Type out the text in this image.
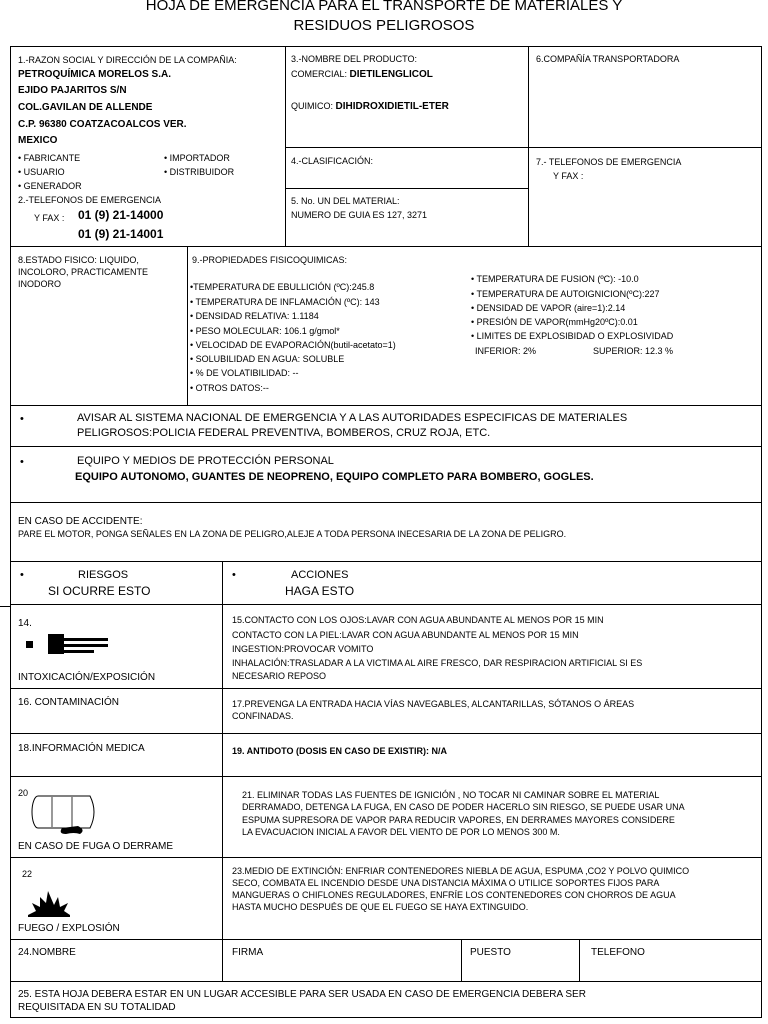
HOJA DE EMERGENCIA PARA EL TRANSPORTE DE MATERIALES Y
RESIDUOS PELIGROSOS
1.-RAZON SOCIAL Y DIRECCIÓN DE LA COMPAÑIA:
PETROQUÍMICA MORELOS S.A.
EJIDO PAJARITOS S/N
COL.GAVILAN DE ALLENDE
C.P. 96380 COATZACOALCOS VER.
MEXICO
• FABRICANTE	• IMPORTADOR
• USUARIO	• DISTRIBUIDOR
• GENERADOR
2.-TELEFONOS DE EMERGENCIA
Y FAX : 01 (9) 21-14000
01 (9) 21-14001
3.-NOMBRE DEL PRODUCTO:
COMERCIAL: DIETILENGLICOL
QUIMICO: DIHIDROXIDIETIL-ETER
4.-CLASIFICACIÓN:
5. No. UN DEL MATERIAL:
NUMERO DE GUIA ES 127, 3271
6.COMPAÑÍA TRANSPORTADORA
7.- TELEFONOS DE EMERGENCIA
Y FAX :
8.ESTADO FISICO: LIQUIDO,
INCOLORO, PRACTICAMENTE
INODORO
9.-PROPIEDADES FISICOQUIMICAS:
•TEMPERATURA DE EBULLICIÓN (ºC):245.8
• TEMPERATURA DE INFLAMACIÓN (ºC): 143
• DENSIDAD RELATIVA: 1.1184
• PESO MOLECULAR: 106.1 g/gmol*
• VELOCIDAD DE EVAPORACIÓN(butil-acetato=1)
• SOLUBILIDAD EN AGUA: SOLUBLE
• % DE VOLATIBILIDAD: --
• OTROS DATOS:--
• TEMPERATURA DE FUSION (ºC): -10.0
• TEMPERATURA DE AUTOIGNICION(ºC):227
• DENSIDAD DE VAPOR (aire=1):2.14
• PRESIÓN DE VAPOR(mmHg20ºC):0.01
• LIMITES DE EXPLOSIBIDAD O EXPLOSIVIDAD
INFERIOR: 2%	SUPERIOR: 12.3 %
•	AVISAR AL SISTEMA NACIONAL DE EMERGENCIA Y A LAS AUTORIDADES ESPECIFICAS DE MATERIALES
PELIGROSOS:POLICIA FEDERAL PREVENTIVA, BOMBEROS, CRUZ ROJA, ETC.
•	EQUIPO Y MEDIOS DE PROTECCIÓN PERSONAL
EQUIPO AUTONOMO, GUANTES DE NEOPRENO, EQUIPO COMPLETO PARA BOMBERO, GOGLES.
EN CASO DE ACCIDENTE:
PARE EL MOTOR, PONGA SEÑALES EN LA ZONA DE PELIGRO,ALEJE A TODA PERSONA INECESARIA DE LA ZONA DE PELIGRO.
•	RIESGOS
SI OCURRE ESTO
•	ACCIONES
HAGA ESTO
14.
INTOXICACIÓN/EXPOSICIÓN
15.CONTACTO CON LOS OJOS:LAVAR CON AGUA ABUNDANTE AL MENOS POR 15 MIN
CONTACTO CON LA PIEL:LAVAR CON AGUA ABUNDANTE AL MENOS POR 15 MIN
INGESTION:PROVOCAR VOMITO
INHALACIÓN:TRASLADAR A LA VICTIMA AL AIRE FRESCO, DAR RESPIRACION ARTIFICIAL SI ES
NECESARIO REPOSO
16. CONTAMINACIÓN	17.PREVENGA LA ENTRADA HACIA VÍAS NAVEGABLES, ALCANTARILLAS, SÓTANOS O ÁREAS
CONFINADAS.
18.INFORMACIÓN MEDICA	19. ANTIDOTO (DOSIS EN CASO DE EXISTIR): N/A
20
EN CASO DE FUGA O DERRAME
21. ELIMINAR TODAS LAS FUENTES DE IGNICIÓN , NO TOCAR NI CAMINAR SOBRE EL MATERIAL
DERRAMADO, DETENGA LA FUGA, EN CASO DE PODER HACERLO SIN RIESGO, SE PUEDE USAR UNA
ESPUMA SUPRESORA DE VAPOR PARA REDUCIR VAPORES, EN DERRAMES MAYORES CONSIDERE
LA EVACUACION INICIAL A FAVOR DEL VIENTO DE POR LO MENOS 300 M.
22
FUEGO / EXPLOSIÓN
23.MEDIO DE EXTINCIÓN: ENFRIAR CONTENEDORES NIEBLA DE AGUA, ESPUMA ,CO2 Y POLVO QUIMICO
SECO, COMBATA EL INCENDIO DESDE UNA DISTANCIA MÁXIMA O UTILICE SOPORTES FIJOS PARA
MANGUERAS O CHIFLONES REGULADORES, ENFRÍE LOS CONTENEDORES CON CHORROS DE AGUA
HASTA MUCHO DESPUÉS DE QUE EL FUEGO SE HAYA EXTINGUIDO.
24.NOMBRE	FIRMA	PUESTO	TELEFONO
25. ESTA HOJA DEBERA ESTAR EN UN LUGAR ACCESIBLE PARA SER USADA EN CASO DE EMERGENCIA DEBERA SER
REQUISITADA EN SU TOTALIDAD
